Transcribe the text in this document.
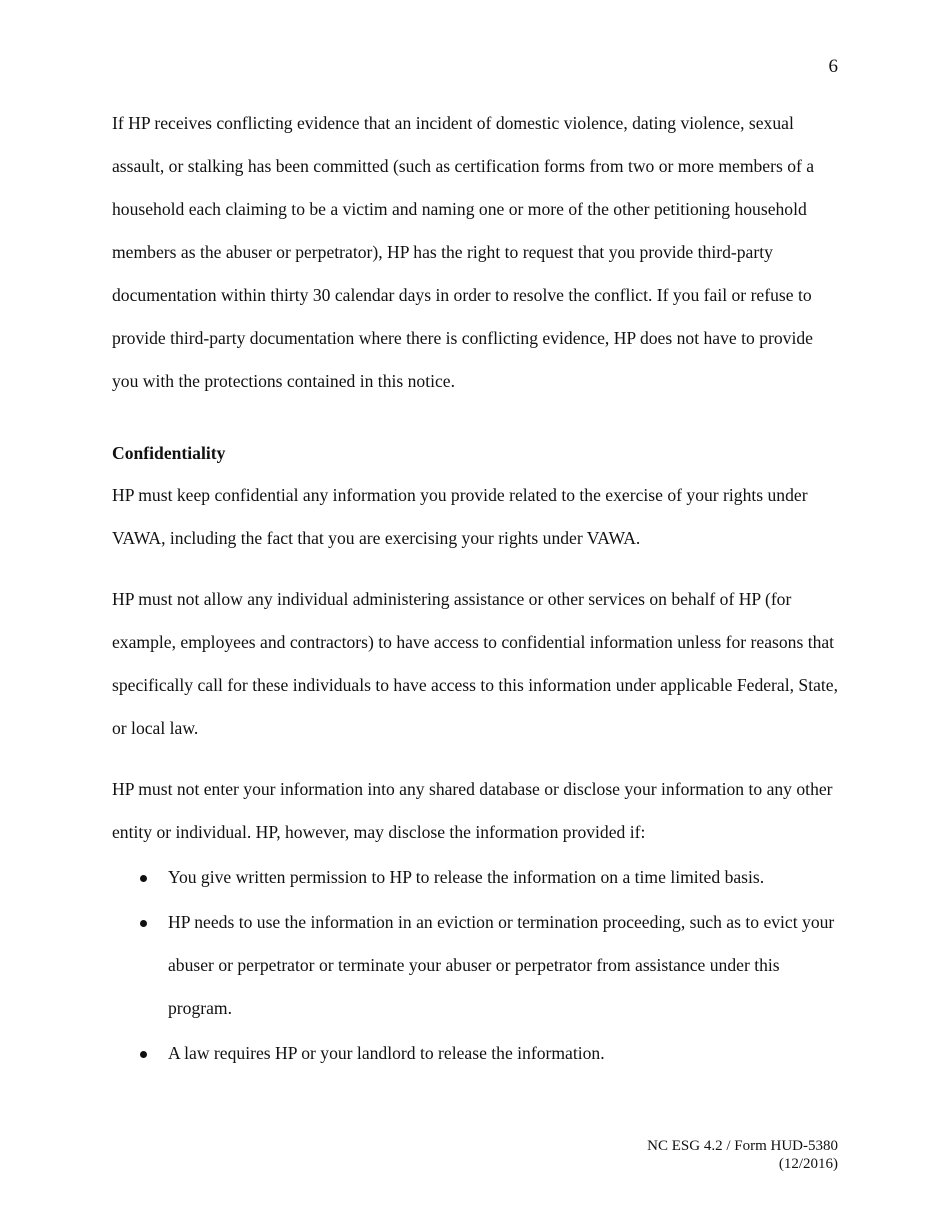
6

If HP receives conflicting evidence that an incident of domestic violence, dating violence, sexual assault, or stalking has been committed (such as certification forms from two or more members of a household each claiming to be a victim and naming one or more of the other petitioning household members as the abuser or perpetrator), HP has the right to request that you provide third-party documentation within thirty 30 calendar days in order to resolve the conflict. If you fail or refuse to provide third-party documentation where there is conflicting evidence, HP does not have to provide you with the protections contained in this notice.

Confidentiality

HP must keep confidential any information you provide related to the exercise of your rights under VAWA, including the fact that you are exercising your rights under VAWA.

HP must not allow any individual administering assistance or other services on behalf of HP (for example, employees and contractors) to have access to confidential information unless for reasons that specifically call for these individuals to have access to this information under applicable Federal, State, or local law.

HP must not enter your information into any shared database or disclose your information to any other entity or individual. HP, however, may disclose the information provided if:

You give written permission to HP to release the information on a time limited basis.
HP needs to use the information in an eviction or termination proceeding, such as to evict your abuser or perpetrator or terminate your abuser or perpetrator from assistance under this program.
A law requires HP or your landlord to release the information.
NC ESG 4.2 / Form HUD-5380
(12/2016)
